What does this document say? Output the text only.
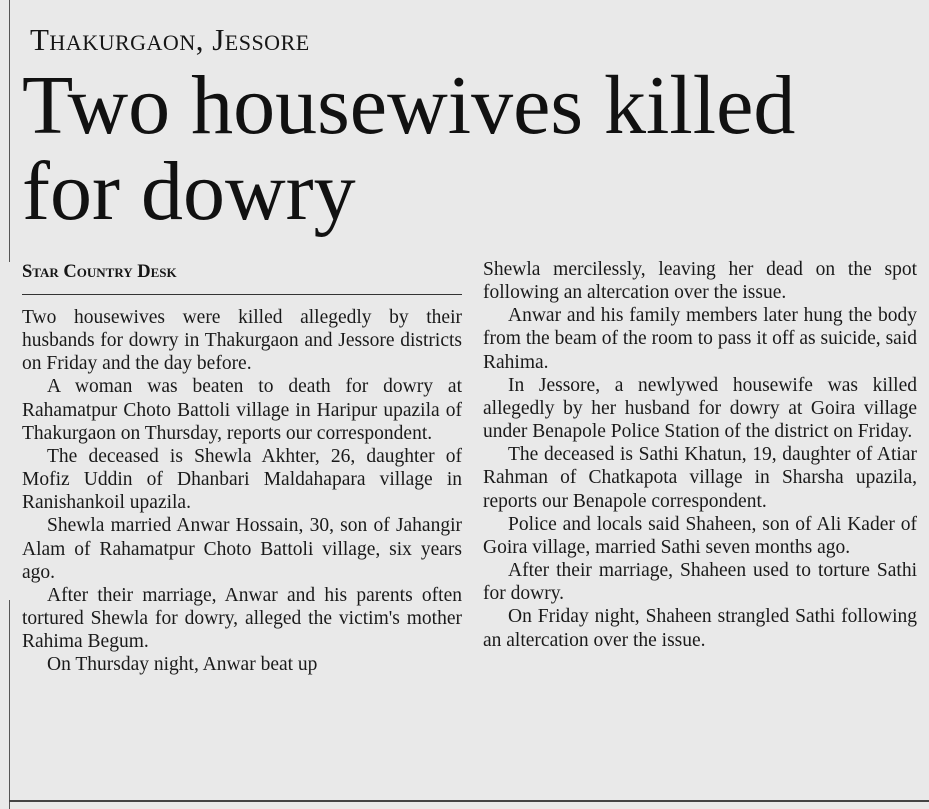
Thakurgaon, Jessore
Two housewives killed for dowry
Star Country Desk

Two housewives were killed allegedly by their husbands for dowry in Thakurgaon and Jessore districts on Friday and the day before.

A woman was beaten to death for dowry at Rahamatpur Choto Battoli village in Haripur upazila of Thakurgaon on Thursday, reports our correspondent.

The deceased is Shewla Akhter, 26, daughter of Mofiz Uddin of Dhanbari Maldahapara village in Ranishankoil upazila.

Shewla married Anwar Hossain, 30, son of Jahangir Alam of Rahamatpur Choto Battoli village, six years ago.

After their marriage, Anwar and his parents often tortured Shewla for dowry, alleged the victim's mother Rahima Begum.

On Thursday night, Anwar beat up

Shewla mercilessly, leaving her dead on the spot following an altercation over the issue.

Anwar and his family members later hung the body from the beam of the room to pass it off as suicide, said Rahima.

In Jessore, a newlywed housewife was killed allegedly by her husband for dowry at Goira village under Benapole Police Station of the district on Friday.

The deceased is Sathi Khatun, 19, daughter of Atiar Rahman of Chatkapota village in Sharsha upazila, reports our Benapole correspondent.

Police and locals said Shaheen, son of Ali Kader of Goira village, married Sathi seven months ago.

After their marriage, Shaheen used to torture Sathi for dowry.

On Friday night, Shaheen strangled Sathi following an altercation over the issue.
